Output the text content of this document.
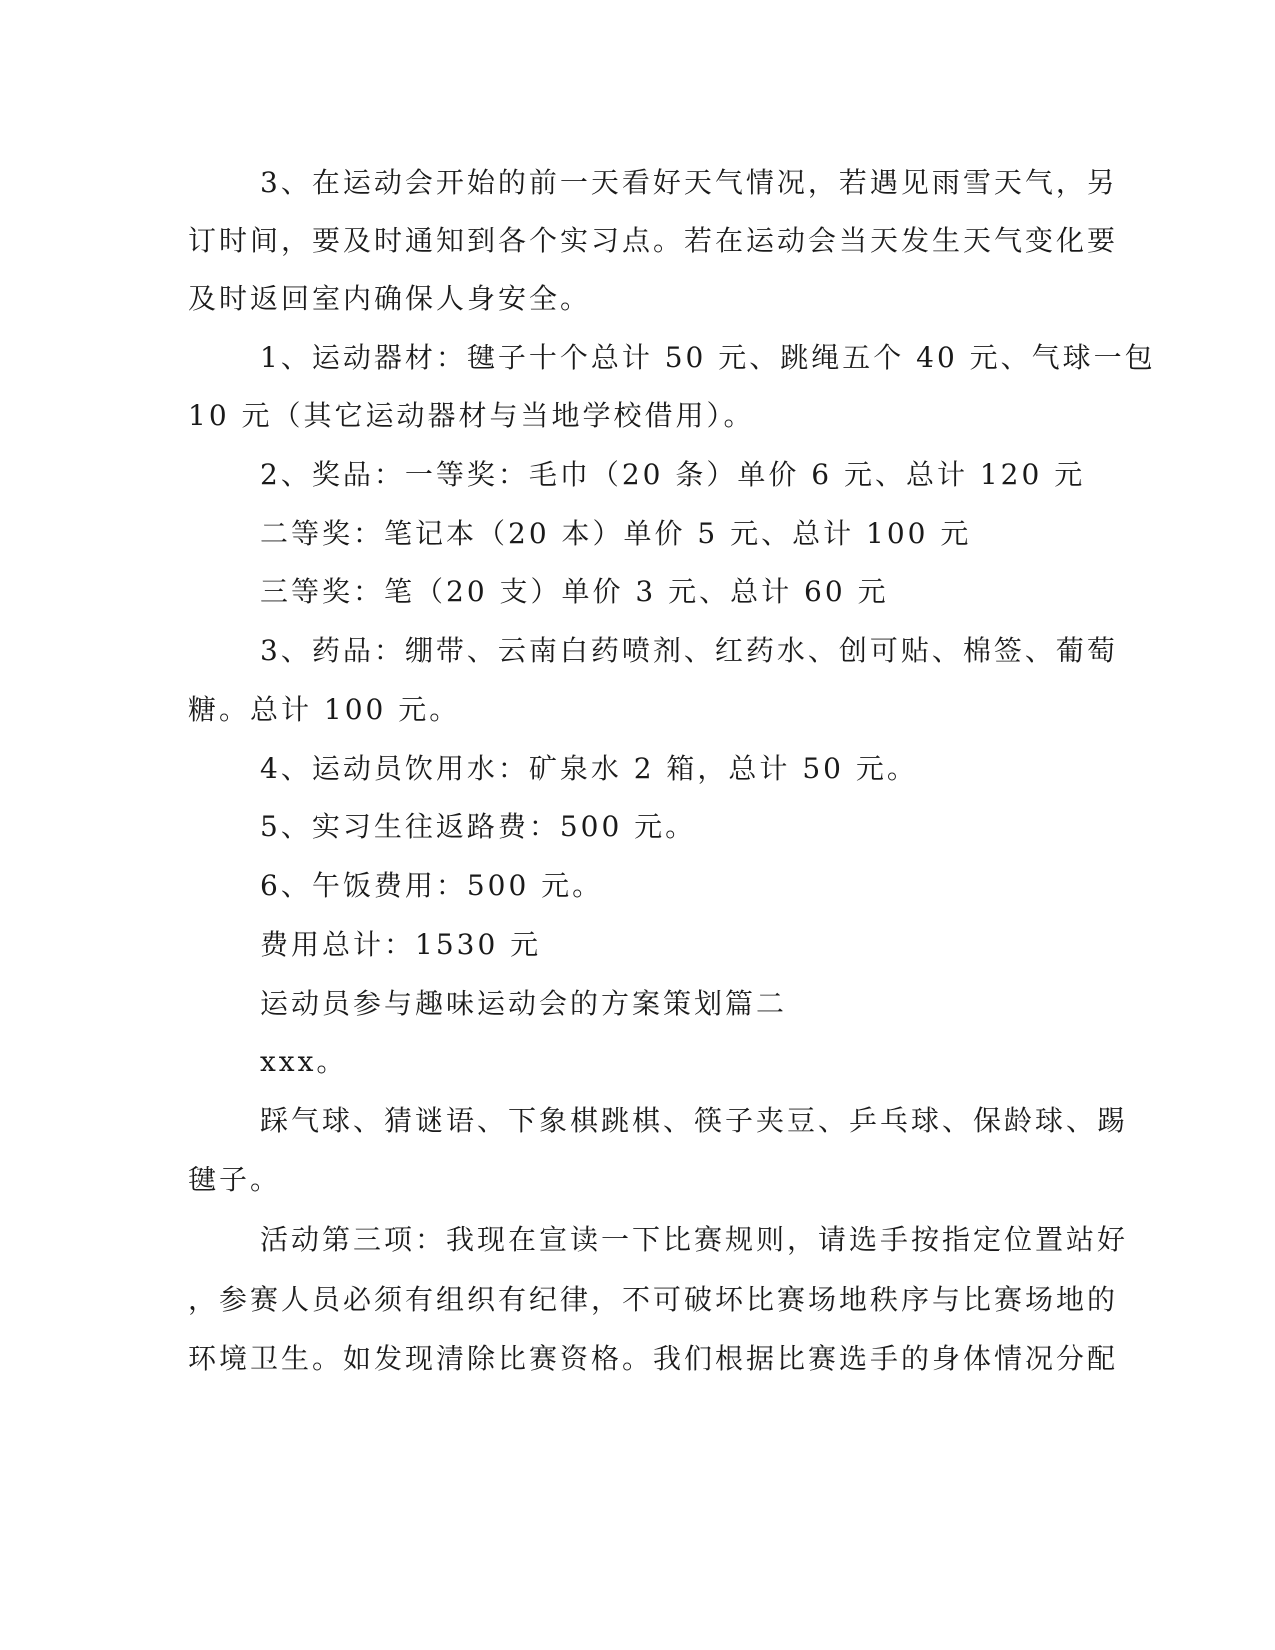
3、在运动会开始的前一天看好天气情况，若遇见雨雪天气，另
订时间，要及时通知到各个实习点。若在运动会当天发生天气变化要
及时返回室内确保人身安全。
1、运动器材：毽子十个总计 50 元、跳绳五个 40 元、气球一包
10 元（其它运动器材与当地学校借用）。
2、奖品：一等奖：毛巾（20 条）单价 6 元、总计 120 元
二等奖：笔记本（20 本）单价 5 元、总计 100 元
三等奖：笔（20 支）单价 3 元、总计 60 元
3、药品：绷带、云南白药喷剂、红药水、创可贴、棉签、葡萄
糖。总计 100 元。
4、运动员饮用水：矿泉水 2 箱，总计 50 元。
5、实习生往返路费：500 元。
6、午饭费用：500 元。
费用总计：1530 元
运动员参与趣味运动会的方案策划篇二
xxx。
踩气球、猜谜语、下象棋跳棋、筷子夹豆、乒乓球、保龄球、踢
毽子。
活动第三项：我现在宣读一下比赛规则，请选手按指定位置站好
，参赛人员必须有组织有纪律，不可破坏比赛场地秩序与比赛场地的
环境卫生。如发现清除比赛资格。我们根据比赛选手的身体情况分配
